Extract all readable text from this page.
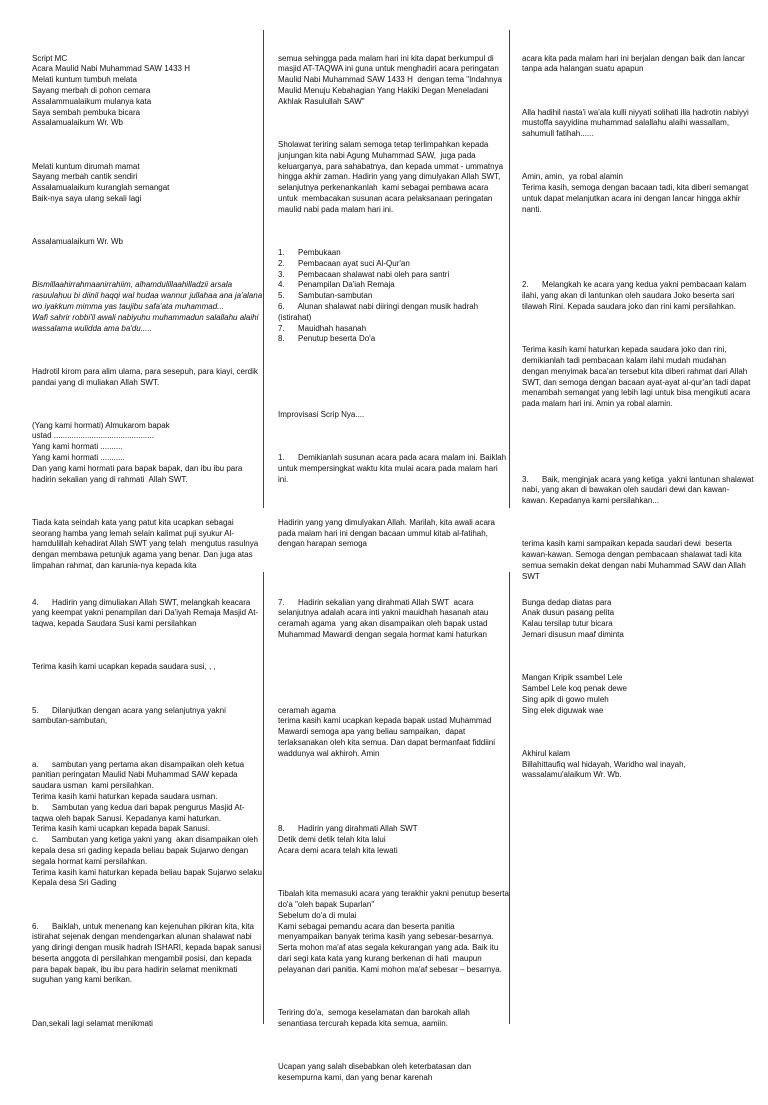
Script MC
Acara Maulid Nabi Muhammad SAW 1433 H
Melati kuntum tumbuh melata
Sayang merbah di pohon cemara
Assalammualaikum mulanya kata
Saya sembah pembuka bicara
Assalamualaikum Wr. Wb

Melati kuntum dirumah mamat
Sayang merbah cantik sendiri
Assalamualaikum kuranglah semangat
Baik-nya saya ulang sekali lagi

Assalamualaikum Wr. Wb

Bismillaahirrahmaanirrahiim, alhamdulillaahilladzii arsala rasuulahuu bi diinil haqqi wal hudaa wannur jullahaa ana ja'alana wo iyakkum mimma yas taujibu safa'ata muhammad...
Wafi sahrir robbi'il awali nabiyuhu muhammadun salallahu alaihi wassalama wulidda ama ba'du.....

Hadrotil kirom para alim ulama, para sesepuh, para kiayi, cerdik pandai yang di muliakan Allah SWT.

(Yang kami hormati) Almukarom bapak
ustad .............................................
Yang kami hormati ..........
Yang kami hormati ...........
Dan yang kami hormati para bapak bapak, dan ibu ibu para hadirin sekalian yang di rahmati  Allah SWT.

Tiada kata seindah kata yang patut kita ucapkan sebagai seorang hamba yang lemah selain kalimat puji syukur Al-hamdulillah kehadirat Allah SWT yang telah  mengutus rasulnya dengan membawa petunjuk agama yang benar. Dan juga atas limpahan rahmat, dan karunia-nya kepada kita

semua sehingga pada malam hari ini kita dapat berkumpul di masjid AT-TAQWA ini guna untuk menghadiri acara peringatan  Maulid Nabi Muhammad SAW 1433 H  dengan tema "Indahnya Maulid Menuju Kebahagian Yang Hakiki Degan Meneladani Akhlak Rasulullah SAW"

Sholawat teriring salam semoga tetap terlimpahkan kepada junjungan kita nabi Agung Muhammad SAW,  juga pada keluarganya, para sahabatnya, dan kepada ummat - ummatnya hingga akhir zaman. Hadirin yang yang dimulyakan Allah SWT, selanjutnya perkenankanlah  kami sebagai pembawa acara untuk  membacakan susunan acara pelaksanaan peringatan maulid nabi pada malam hari ini.

1.      Pembukaan
2.      Pembacaan ayat suci Al-Qur'an
3.      Pembacaan shalawat nabi oleh para santri
4.      Penampilan Da'iah Remaja
5.      Sambutan-sambutan
6.      Alunan shalawat nabi diiringi dengan musik hadrah (istirahat)
7.      Mauidhah hasanah
8.      Penutup beserta Do'a

Improvisasi Scrip Nya....

1.      Demikianlah susunan acara pada acara malam ini. Baiklah untuk mempersingkat waktu kita mulai acara pada malam hari ini.

Hadirin yang yang dimulyakan Allah. Marilah, kita awali acara pada malam hari ini dengan bacaan ummul kitab al-fatihah, dengan harapan semoga

acara kita pada malam hari ini berjalan dengan baik dan lancar tanpa ada halangan suatu apapun

Alla hadihil nasta'i wa'ala kulli niyyati solihati illa hadrotin nabiyyi mustoffa sayyidina muhammad salallahu alaihi wassallam, sahumull fatihah......

Amin, amin,  ya robal alamin
Terima kasih, semoga dengan bacaan tadi, kita diberi semangat untuk dapat melanjutkan acara ini dengan lancar hingga akhir nanti.

2.      Melangkah ke acara yang kedua yakni pembacaan kalam ilahi, yang akan di lantunkan oleh saudara Joko beserta sari tilawah Rini. Kepada saudara joko dan rini kami persilahkan.

Terima kasih kami haturkan kepada saudara joko dan rini, demikianlah tadi pembacaan kalam ilahi mudah mudahan dengan menyimak baca'an tersebut kita diberi rahmat dari Allah SWT, dan semoga dengan bacaan ayat-ayat al-qur'an tadi dapat menambah semangat yang lebih lagi untuk bisa mengikuti acara pada malam hari ini. Amin ya robal alamin.

3.      Baik, menginjak acara yang ketiga  yakni lantunan shalawat nabi, yang akan di bawakan oleh saudari dewi dan kawan-kawan. Kepadanya kami persilahkan...

terima kasih kami sampaikan kepada saudari dewi  beserta kawan-kawan. Semoga dengan pembacaan shalawat tadi kita semua semakin dekat dengan nabi Muhammad SAW dan Allah SWT

4.      Hadirin yang dimuliakan Allah SWT, melangkah keacara yang keempat yakni penampilan dari Da'iyah Remaja Masjid At-taqwa, kepada Saudara Susi kami persilahkan

Terima kasih kami ucapkan kepada saudara susi, , ,

5.      Dilanjutkan dengan acara yang selanjutnya yakni sambutan-sambutan,

a.      sambutan yang pertama akan disampaikan oleh ketua panitian peringatan Maulid Nabi Muhammad SAW kepada saudara usman  kami persilahkan.
Terima kasih kami haturkan kepada saudara usman.
b.      Sambutan yang kedua dari bapak pengurus Masjid At-taqwa oleh bapak Sanusi. Kepadanya kami haturkan.
Terima kasih kami ucapkan kepada bapak Sanusi.
c.      Sambutan yang ketiga yakni yang  akan disampaikan oleh kepala desa sri gading kepada beliau bapak Sujarwo dengan segala hormat kami persilahkan.
Terima kasih kami haturkan kepada beliau bapak Sujarwo selaku Kepala desa Sri Gading

6.      Baiklah, untuk menenang kan kejenuhan pikiran kita, kita istirahat sejenak dengan mendengarkan alunan shalawat nabi yang diringi dengan musik hadrah ISHARI, kepada bapak sanusi beserta anggota di persilahkan mengambil posisi, dan kepada para bapak bapak, ibu ibu para hadirin selamat menikmati suguhan yang kami berikan.

Dan,sekali lagi selamat menikmati

7.      Hadirin sekalian yang dirahmati Allah SWT  acara selanjutnya adalah acara inti yakni mauidhah hasanah atau ceramah agama  yang akan disampaikan oleh bapak ustad Muhammad Mawardi dengan segala hormat kami haturkan

ceramah agama
terima kasih kami ucapkan kepada bapak ustad Muhammad Mawardi semoga apa yang beliau sampaikan,  dapat terlaksanakan oleh kita semua. Dan dapat bermanfaat fiddiini waddunya wal akhiroh. Amin

8.      Hadirin yang dirahmati Allah SWT
Detik demi detik telah kita lalui
Acara demi acara telah kita lewati

Tibalah kita memasuki acara yang terakhir yakni penutup beserta do'a "oleh bapak Suparlan"
Sebelum do'a di mulai
Kami sebagai pemandu acara dan beserta panitia menyampaikan banyak terima kasih yang sebesar-besarnya.
Serta mohon ma'af atas segala kekurangan yang ada. Baik itu dari segi kata kata yang kurang berkenan di hati  maupun pelayanan dari panitia. Kami mohon ma'af sebesar – besarnya.

Teriring do'a,  semoga keselamatan dan barokah allah senantiasa tercurah kepada kita semua, aamiin.

Ucapan yang salah disebabkan oleh keterbatasan dan kesempurna kami, dan yang benar karenah

Bunga dedap diatas para
Anak dusun pasang pelita
Kalau tersilap tutur bicara
Jemari disusun maaf diminta

Mangan Kripik ssambel Lele
Sambel Lele koq penak dewe
Sing apik di gowo muleh
Sing elek diguwak wae

Akhirul kalam
Billahittaufiq wal hidayah, Waridho wal inayah, wassalamu'alaikum Wr. Wb.
